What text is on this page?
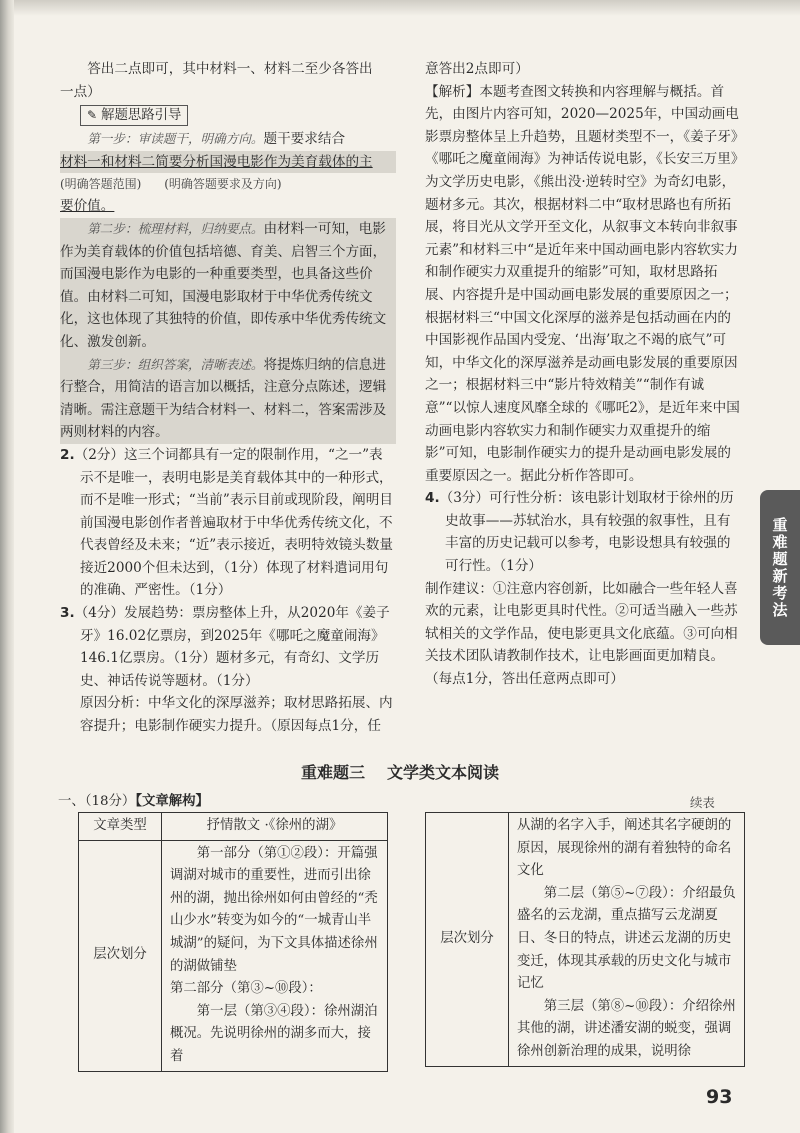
答出二点即可，其中材料一、材料二至少各答出

一点）

✎ 解题思路引导

第一步：审读题干，明确方向。题干要求结合

材料一和材料二简要分析国漫电影作为美育载体的主

(明确答题范围)      (明确答题要求及方向)

要价值。

第二步：梳理材料，归纳要点。由材料一可知，电影作为美育载体的价值包括培德、育美、启智三个方面，而国漫电影作为电影的一种重要类型，也具备这些价值。由材料二可知，国漫电影取材于中华优秀传统文化，这也体现了其独特的价值，即传承中华优秀传统文化、激发创新。

第三步：组织答案，清晰表述。将提炼归纳的信息进行整合，用简洁的语言加以概括，注意分点陈述，逻辑清晰。需注意题干为结合材料一、材料二，答案需涉及两则材料的内容。

2.（2分）这三个词都具有一定的限制作用，“之一”表示不是唯一，表明电影是美育载体其中的一种形式，而不是唯一形式；“当前”表示目前或现阶段，阐明目前国漫电影创作者普遍取材于中华优秀传统文化，不代表曾经及未来；“近”表示接近，表明特效镜头数量接近2000个但未达到，（1分）体现了材料遣词用句的准确、严密性。（1分）

3.（4分）发展趋势：票房整体上升，从2020年《姜子牙》16.02亿票房，到2025年《哪吒之魔童闹海》146.1亿票房。（1分）题材多元，有奇幻、文学历史、神话传说等题材。（1分）

原因分析：中华文化的深厚滋养；取材思路拓展、内容提升；电影制作硬实力提升。（原因每点1分，任

意答出2点即可）

【解析】本题考查图文转换和内容理解与概括。首先，由图片内容可知，2020—2025年，中国动画电影票房整体呈上升趋势，且题材类型不一，《姜子牙》《哪吒之魔童闹海》为神话传说电影，《长安三万里》为文学历史电影，《熊出没·逆转时空》为奇幻电影，题材多元。其次，根据材料二中“取材思路也有所拓展，将目光从文学开至文化，从叙事文本转向非叙事元素”和材料三中“是近年来中国动画电影内容软实力和制作硬实力双重提升的缩影”可知，取材思路拓展、内容提升是中国动画电影发展的重要原因之一；根据材料三“中国文化深厚的滋养是包括动画在内的中国影视作品国内受宠、‘出海’取之不竭的底气”可知，中华文化的深厚滋养是动画电影发展的重要原因之一；根据材料三中“影片特效精美”“制作有诚意”“以惊人速度风靡全球的《哪吒2》，是近年来中国动画电影内容软实力和制作硬实力双重提升的缩影”可知，电影制作硬实力的提升是动画电影发展的重要原因之一。据此分析作答即可。

4.（3分）可行性分析：该电影计划取材于徐州的历史故事——苏轼治水，具有较强的叙事性，且有丰富的历史记载可以参考，电影设想具有较强的可行性。（1分）

制作建议：①注意内容创新，比如融合一些年轻人喜欢的元素，让电影更具时代性。②可适当融入一些苏轼相关的文学作品，使电影更具文化底蕴。③可向相关技术团队请教制作技术，让电影画面更加精良。（每点1分，答出任意两点即可）

重难题新考法
重难题三 文学类文本阅读
一、（18分）【文章解构】	续表
文章类型	抒情散文 ·《徐州的湖》
层次划分	第一部分（第①②段）：开篇强调湖对城市的重要性，进而引出徐州的湖，抛出徐州如何由曾经的“秃山少水”转变为如今的“一城青山半城湖”的疑问，为下文具体描述徐州的湖做铺垫
第二部分（第③~⑩段）：
第一层（第③④段）：徐州湖泊概况。先说明徐州的湖多而大，接着
层次划分	
从湖的名字入手，阐述其名字硬朗的原因，展现徐州的湖有着独特的命名文化
第二层（第⑤~⑦段）：介绍最负盛名的云龙湖，重点描写云龙湖夏日、冬日的特点，讲述云龙湖的历史变迁，体现其承载的历史文化与城市记忆
第三层（第⑧~⑩段）：介绍徐州其他的湖，讲述潘安湖的蜕变，强调徐州创新治理的成果，说明徐
93
